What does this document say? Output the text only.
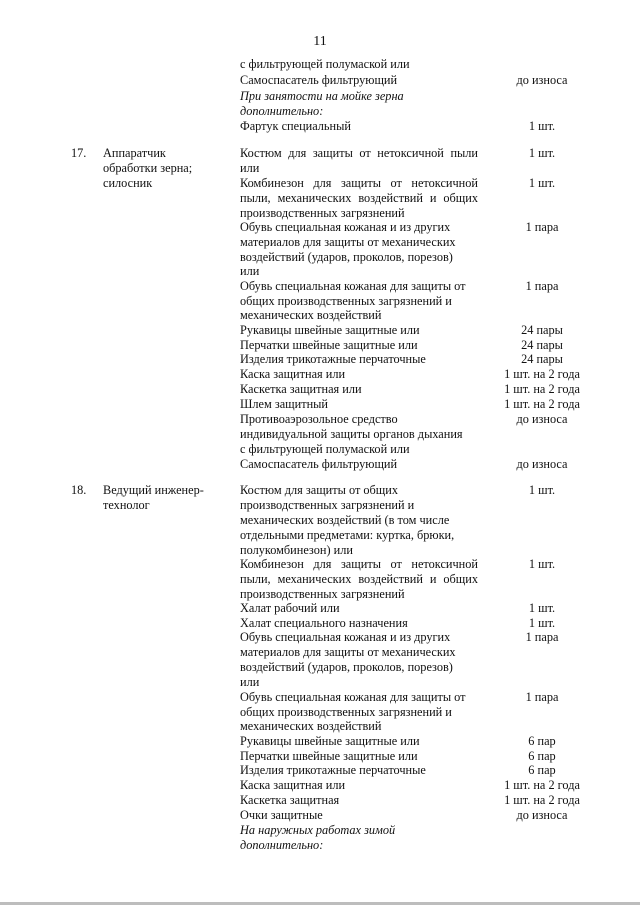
11
с фильтрующей полумаской или
Самоспасатель фильтрующий	до износа
При занятости на мойке зерна
дополнительно:
Фартук специальный	1 шт.
17. Аппаратчик	Костюм для защиты от нетоксичной пыли	1 шт.
обработки зерна;	или
силосник	Комбинезон для защиты от нетоксичной	1 шт.
пыли, механических воздействий и общих
производственных загрязнений
Обувь специальная кожаная и из других	1 пара
материалов для защиты от механических
воздействий (ударов, проколов, порезов)
или
Обувь специальная кожаная для защиты от	1 пара
общих производственных загрязнений и
механических воздействий
Рукавицы швейные защитные или	24 пары
Перчатки швейные защитные или	24 пары
Изделия трикотажные перчаточные	24 пары
Каска защитная или	1 шт. на 2 года
Каскетка защитная или	1 шт. на 2 года
Шлем защитный	1 шт. на 2 года
Противоаэрозольное средство	до износа
индивидуальной защиты органов дыхания
с фильтрующей полумаской или
Самоспасатель фильтрующий	до износа
18. Ведущий инженер-	Костюм для защиты от общих	1 шт.
технолог	производственных загрязнений и
механических воздействий (в том числе
отдельными предметами: куртка, брюки,
полукомбинезон) или
Комбинезон для защиты от нетоксичной	1 шт.
пыли, механических воздействий и общих
производственных загрязнений
Халат рабочий или	1 шт.
Халат специального назначения	1 шт.
Обувь специальная кожаная и из других	1 пара
материалов для защиты от механических
воздействий (ударов, проколов, порезов)
или
Обувь специальная кожаная для защиты от	1 пара
общих производственных загрязнений и
механических воздействий
Рукавицы швейные защитные или	6 пар
Перчатки швейные защитные или	6 пар
Изделия трикотажные перчаточные	6 пар
Каска защитная или	1 шт. на 2 года
Каскетка защитная	1 шт. на 2 года
Очки защитные	до износа
На наружных работах зимой
дополнительно:
